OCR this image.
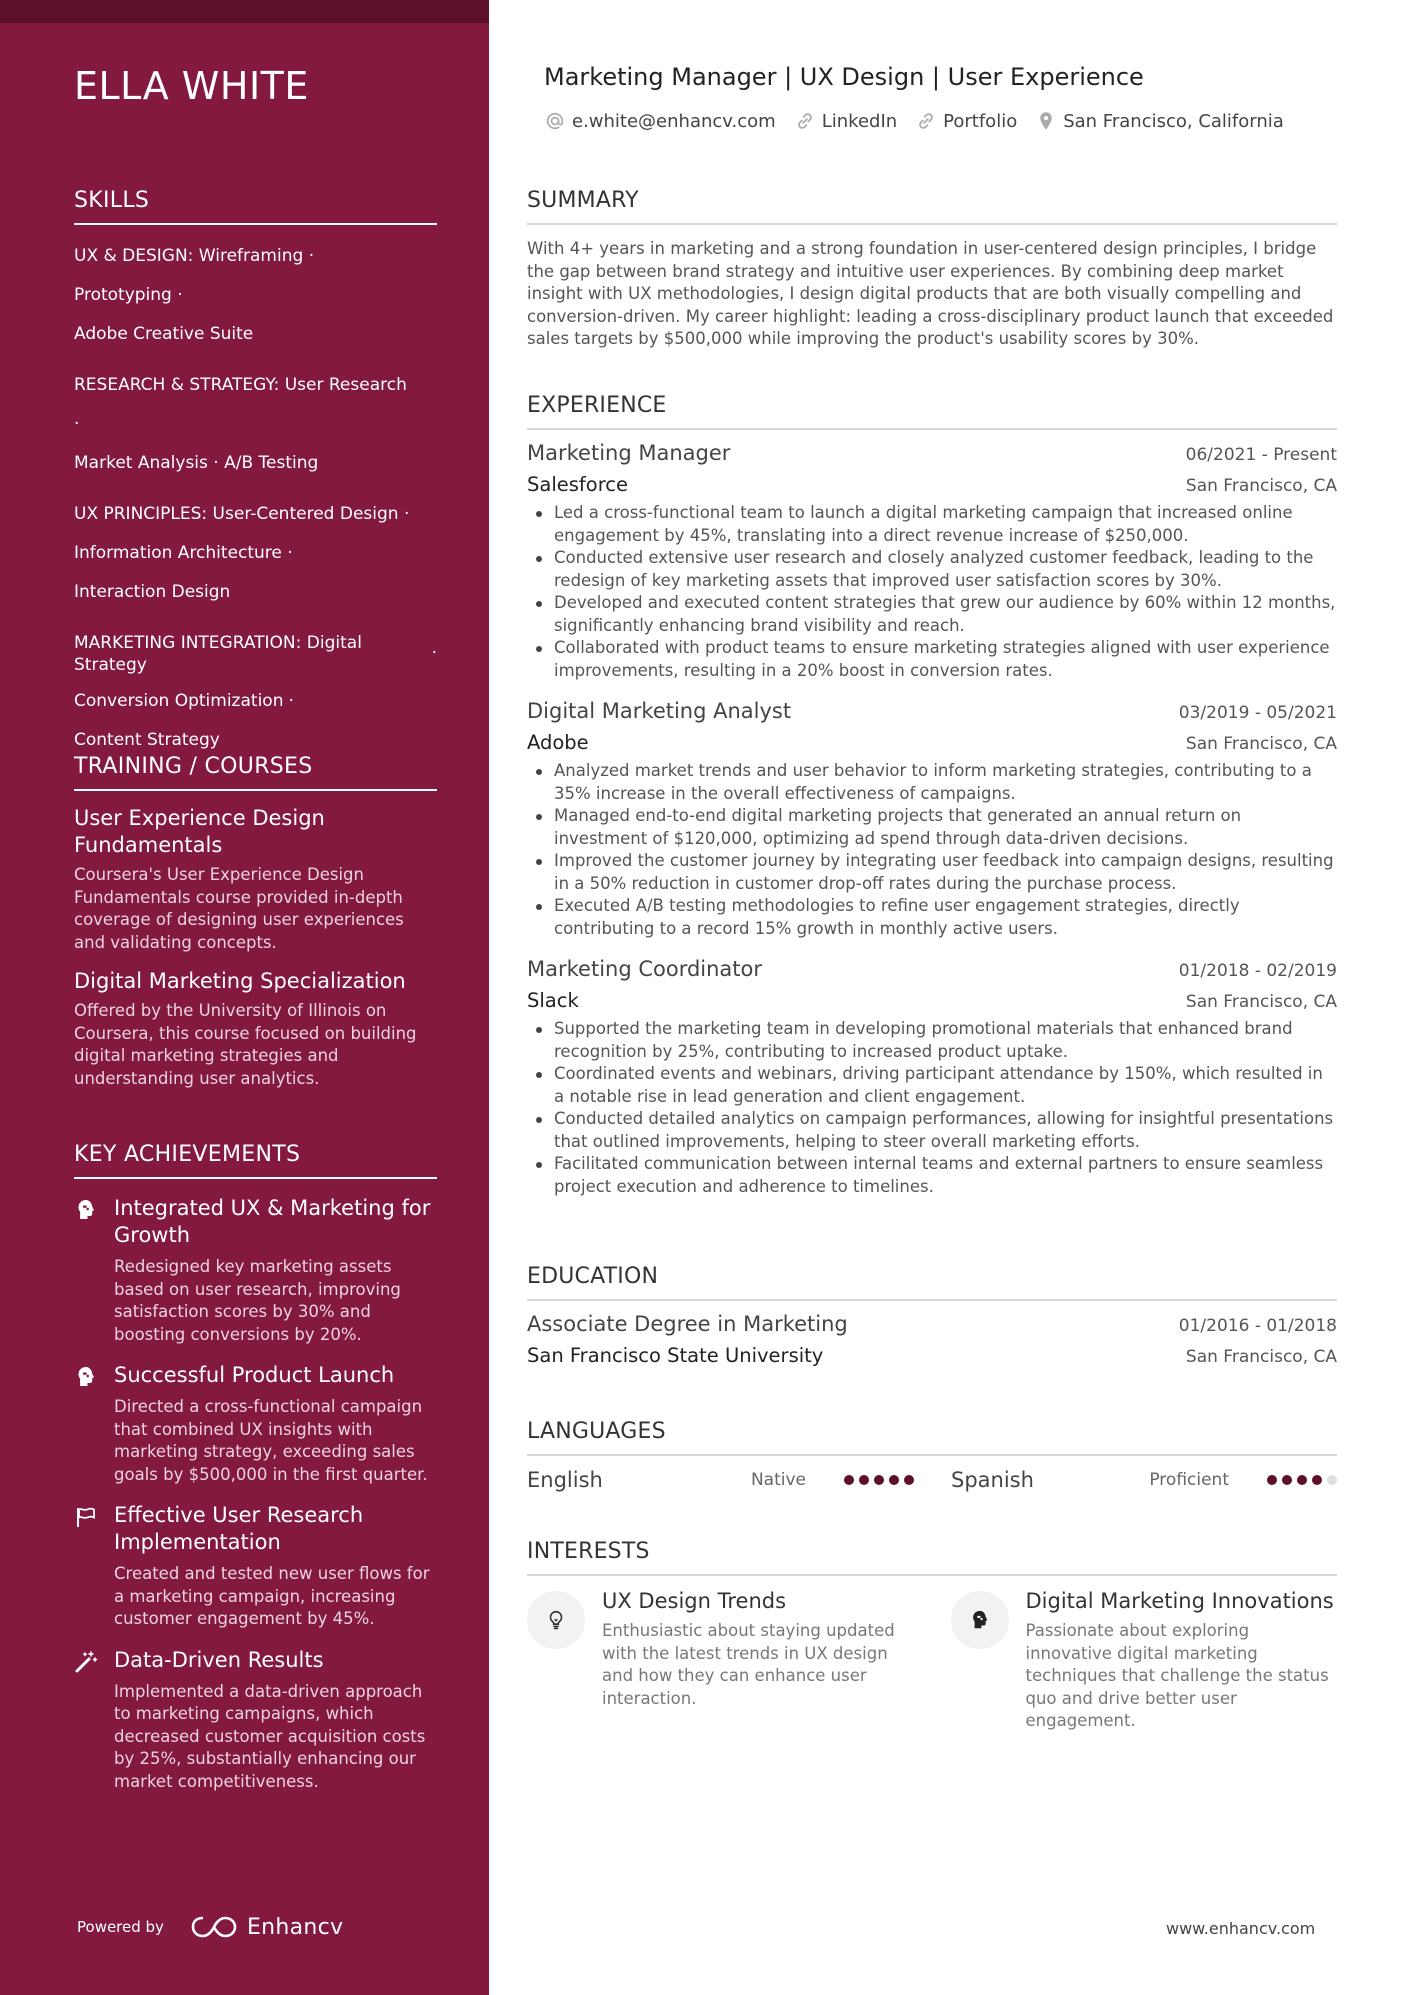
ELLA WHITE
SKILLS
UX & DESIGN: Wireframing · Prototyping ·
Adobe Creative Suite
RESEARCH & STRATEGY: User Research ·
Market Analysis · A/B Testing
UX PRINCIPLES: User-Centered Design ·
Information Architecture ·
Interaction Design
MARKETING INTEGRATION: Digital Strategy
·
Conversion Optimization ·
Content Strategy
TRAINING / COURSES
User Experience Design Fundamentals
Coursera's User Experience Design Fundamentals course provided in-depth coverage of designing user experiences and validating concepts.
Digital Marketing Specialization
Offered by the University of Illinois on Coursera, this course focused on building digital marketing strategies and understanding user analytics.
KEY ACHIEVEMENTS
Integrated UX & Marketing for Growth
Redesigned key marketing assets based on user research, improving satisfaction scores by 30% and boosting conversions by 20%.
Successful Product Launch
Directed a cross-functional campaign that combined UX insights with marketing strategy, exceeding sales goals by $500,000 in the first quarter.
Effective User Research Implementation
Created and tested new user flows for a marketing campaign, increasing customer engagement by 45%.
Data-Driven Results
Implemented a data-driven approach to marketing campaigns, which decreased customer acquisition costs by 25%, substantially enhancing our market competitiveness.
Powered by	Enhancv
Marketing Manager | UX Design | User Experience
e.white@enhancv.com	LinkedIn	Portfolio	San Francisco, California
SUMMARY
With 4+ years in marketing and a strong foundation in user-centered design principles, I bridge the gap between brand strategy and intuitive user experiences. By combining deep market insight with UX methodologies, I design digital products that are both visually compelling and conversion-driven. My career highlight: leading a cross-disciplinary product launch that exceeded sales targets by $500,000 while improving the product's usability scores by 30%.
EXPERIENCE
Marketing Manager	06/2021 - Present
Salesforce	San Francisco, CA
Led a cross-functional team to launch a digital marketing campaign that increased online engagement by 45%, translating into a direct revenue increase of $250,000.
Conducted extensive user research and closely analyzed customer feedback, leading to the redesign of key marketing assets that improved user satisfaction scores by 30%.
Developed and executed content strategies that grew our audience by 60% within 12 months, significantly enhancing brand visibility and reach.
Collaborated with product teams to ensure marketing strategies aligned with user experience improvements, resulting in a 20% boost in conversion rates.
Digital Marketing Analyst	03/2019 - 05/2021
Adobe	San Francisco, CA
Analyzed market trends and user behavior to inform marketing strategies, contributing to a 35% increase in the overall effectiveness of campaigns.
Managed end-to-end digital marketing projects that generated an annual return on investment of $120,000, optimizing ad spend through data-driven decisions.
Improved the customer journey by integrating user feedback into campaign designs, resulting in a 50% reduction in customer drop-off rates during the purchase process.
Executed A/B testing methodologies to refine user engagement strategies, directly contributing to a record 15% growth in monthly active users.
Marketing Coordinator	01/2018 - 02/2019
Slack	San Francisco, CA
Supported the marketing team in developing promotional materials that enhanced brand recognition by 25%, contributing to increased product uptake.
Coordinated events and webinars, driving participant attendance by 150%, which resulted in a notable rise in lead generation and client engagement.
Conducted detailed analytics on campaign performances, allowing for insightful presentations that outlined improvements, helping to steer overall marketing efforts.
Facilitated communication between internal teams and external partners to ensure seamless project execution and adherence to timelines.
EDUCATION
Associate Degree in Marketing	01/2016 - 01/2018
San Francisco State University	San Francisco, CA
LANGUAGES
English	Native	Spanish	Proficient
INTERESTS
UX Design Trends
Enthusiastic about staying updated with the latest trends in UX design and how they can enhance user interaction.
Digital Marketing Innovations
Passionate about exploring innovative digital marketing techniques that challenge the status quo and drive better user engagement.
www.enhancv.com
